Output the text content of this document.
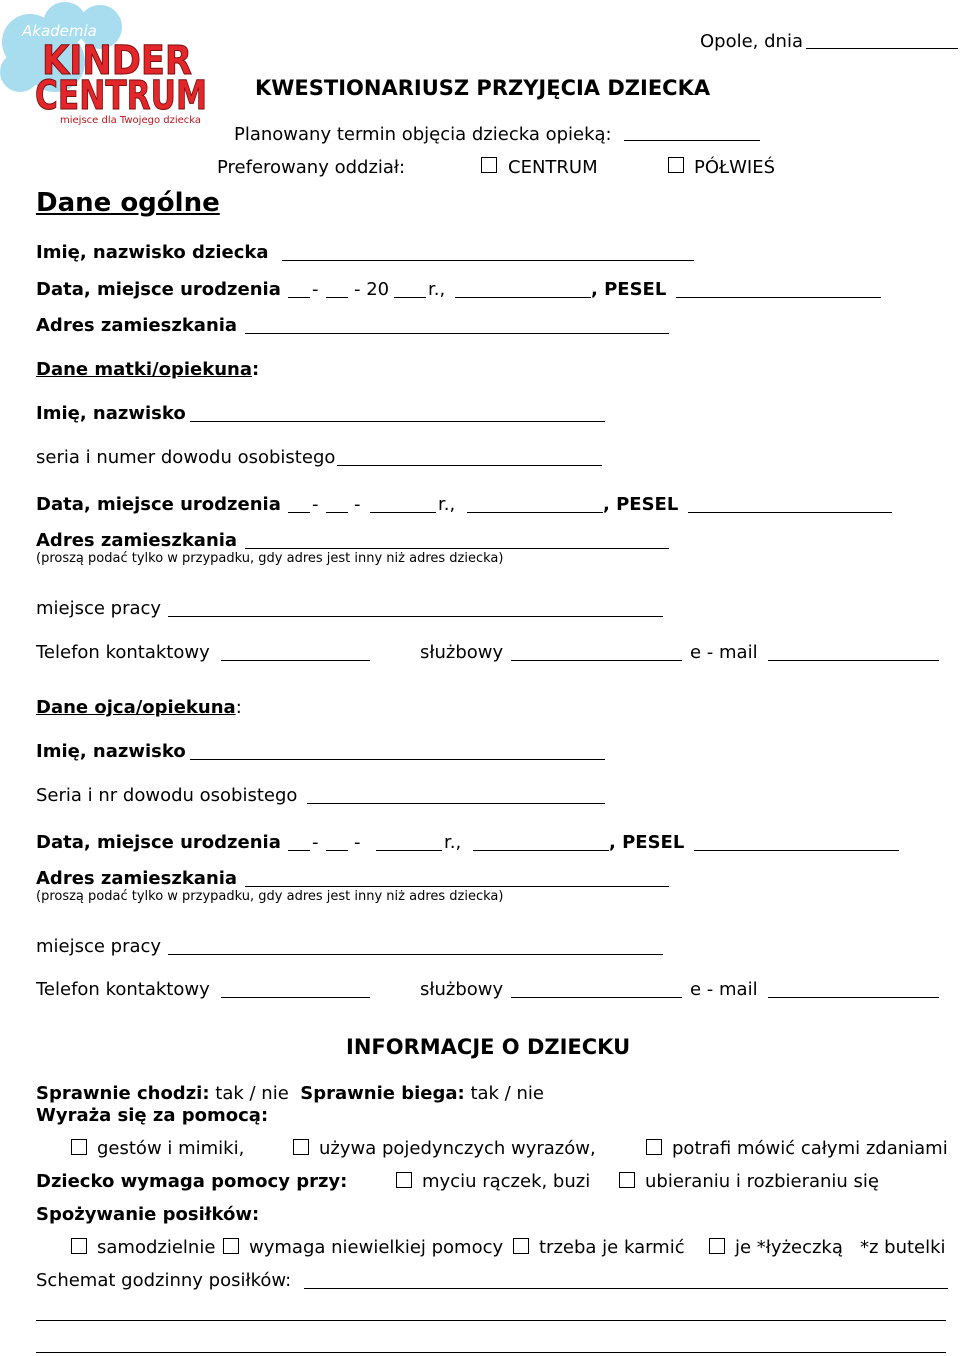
Akademia
KINDER
CENTRUM
miejsce dla Twojego dziecka
Opole, dnia
KWESTIONARIUSZ PRZYJĘCIA DZIECKA
Planowany termin objęcia dziecka opieką:
Preferowany oddział:	CENTRUM	PÓŁWIEŚ
Dane ogólne
Imię, nazwisko dziecka
Data, miejsce urodzenia - - 20 r.,	, PESEL
Adres zamieszkania
Dane matki/opiekuna:
Imię, nazwisko
seria i numer dowodu osobistego
Data, miejsce urodzenia - -	r.,	, PESEL
Adres zamieszkania
(proszą podać tylko w przypadku, gdy adres jest inny niż adres dziecka)
miejsce pracy
Telefon kontaktowy	służbowy	e - mail
Dane ojca/opiekuna:
Imię, nazwisko
Seria i nr dowodu osobistego
Data, miejsce urodzenia - -	r.,	, PESEL
Adres zamieszkania
(proszą podać tylko w przypadku, gdy adres jest inny niż adres dziecka)
miejsce pracy
Telefon kontaktowy	służbowy	e - mail
INFORMACJE O DZIECKU
Sprawnie chodzi: tak / nie Sprawnie biega: tak / nie
Wyraża się za pomocą:
gestów i mimiki,	używa pojedynczych wyrazów,	potrafi mówić całymi zdaniami
Dziecko wymaga pomocy przy:	myciu rączek, buzi	ubieraniu i rozbieraniu się
Spożywanie posiłków:
samodzielnie wymaga niewielkiej pomocy trzeba je karmić	je *łyżeczką *z butelki
Schemat godzinny posiłków:
